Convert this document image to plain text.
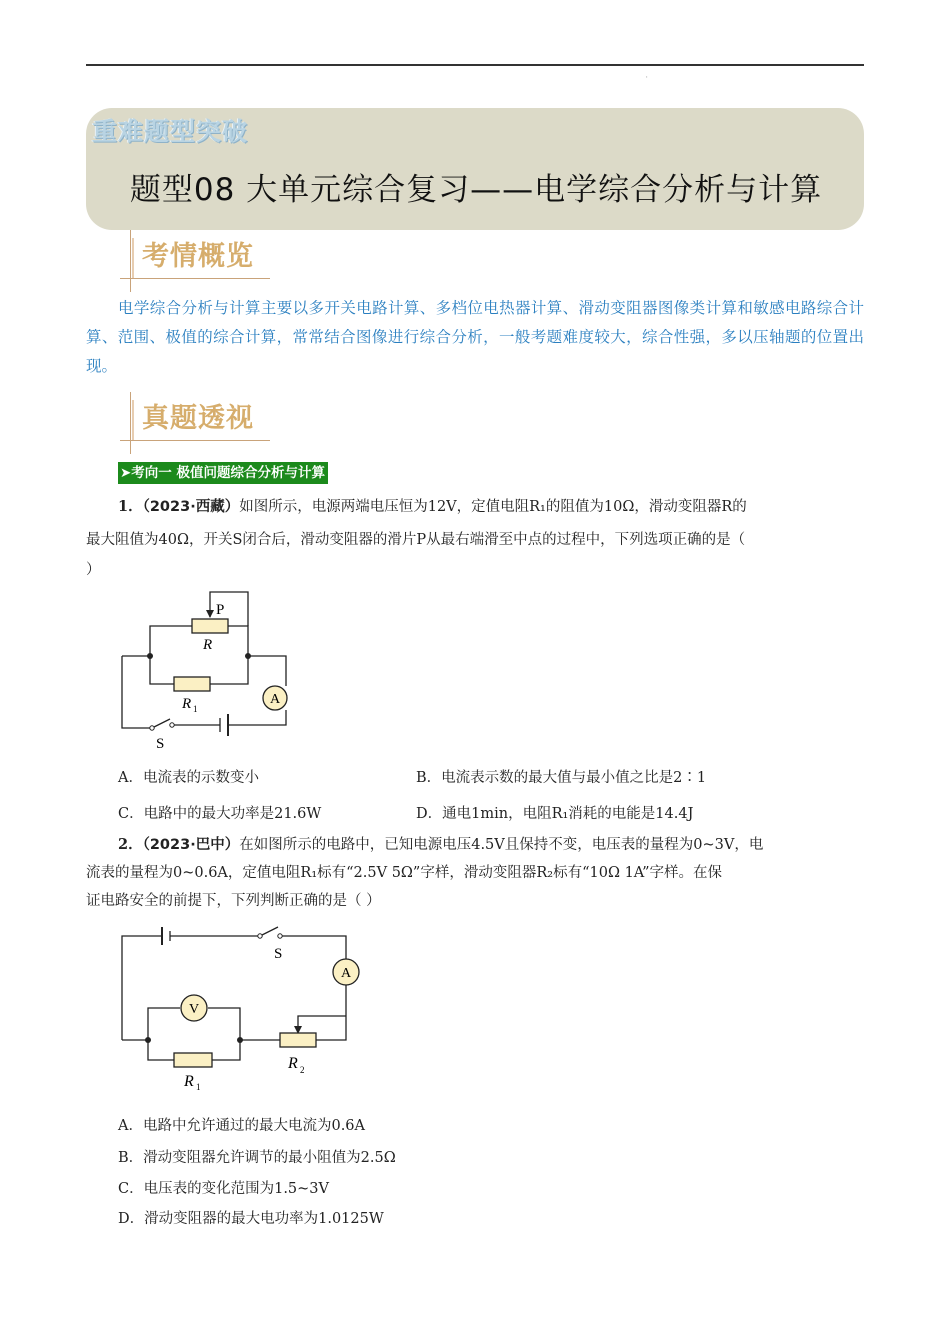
'
重难题型突破
题型08 大单元综合复习——电学综合分析与计算
考情概览
电学综合分析与计算主要以多开关电路计算、多档位电热器计算、滑动变阻器图像类计算和敏感电路综合计算、范围、极值的综合计算，常常结合图像进行综合分析，一般考题难度较大，综合性强，多以压轴题的位置出现。
真题透视
➤考向一 极值问题综合分析与计算
1．（2023·西藏）如图所示，电源两端电压恒为12V，定值电阻R₁的阻值为10Ω，滑动变阻器R的
最大阻值为40Ω，开关S闭合后，滑动变阻器的滑片P从最右端滑至中点的过程中，下列选项正确的是（
）
A
P
R
R 1
S
A．电流表的示数变小	B．电流表示数的最大值与最小值之比是2∶1
C．电路中的最大功率是21.6W	D．通电1min，电阻R₁消耗的电能是14.4J
2．（2023·巴中）在如图所示的电路中，已知电源电压4.5V且保持不变，电压表的量程为0~3V，电
流表的量程为0~0.6A，定值电阻R₁标有“2.5V 5Ω”字样，滑动变阻器R₂标有“10Ω 1A”字样。在保
证电路安全的前提下，下列判断正确的是（ ）
V
A
S
R 1
R 2
A．电路中允许通过的最大电流为0.6A
B．滑动变阻器允许调节的最小阻值为2.5Ω
C．电压表的变化范围为1.5~3V
D．滑动变阻器的最大电功率为1.0125W
